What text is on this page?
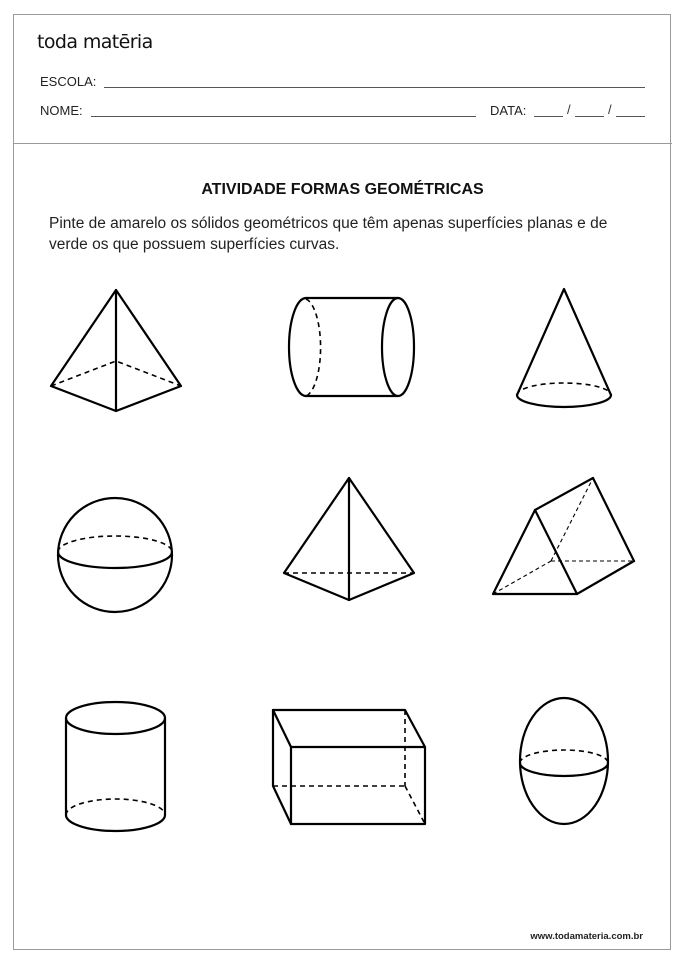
toda matēria
ESCOLA:
NOME:	DATA:	/	/
ATIVIDADE FORMAS GEOMÉTRICAS
Pinte de amarelo os sólidos geométricos que têm apenas superfícies planas e de verde os que possuem superfícies curvas.
www.todamateria.com.br
